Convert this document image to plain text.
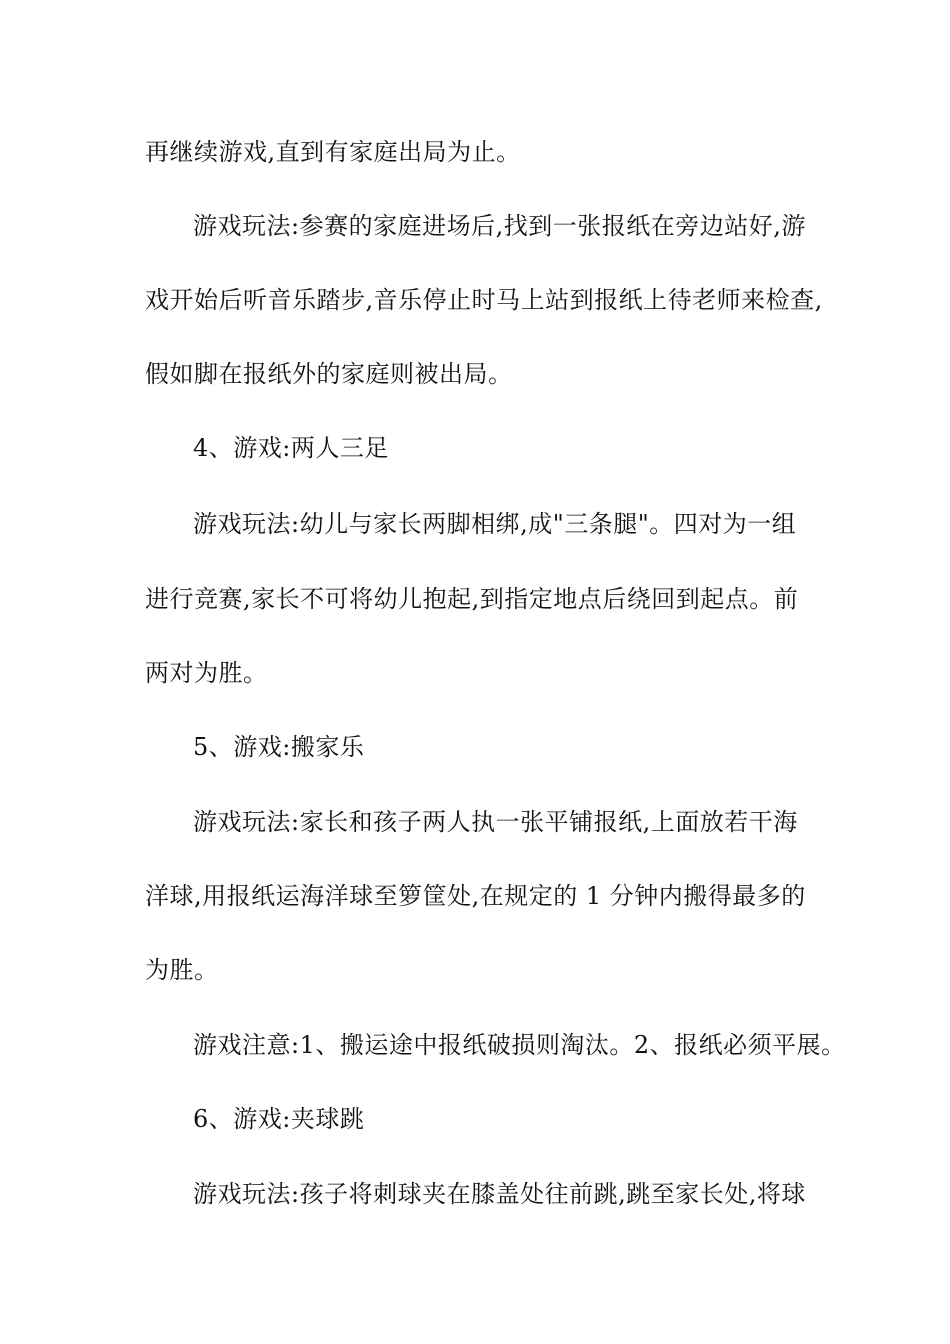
再继续游戏,直到有家庭出局为止。
游戏玩法:参赛的家庭进场后,找到一张报纸在旁边站好,游
戏开始后听音乐踏步,音乐停止时马上站到报纸上待老师来检查,
假如脚在报纸外的家庭则被出局。
4、游戏:两人三足
游戏玩法:幼儿与家长两脚相绑,成"三条腿"。四对为一组
进行竞赛,家长不可将幼儿抱起,到指定地点后绕回到起点。前
两对为胜。
5、游戏:搬家乐
游戏玩法:家长和孩子两人执一张平铺报纸,上面放若干海
洋球,用报纸运海洋球至箩筐处,在规定的 1 分钟内搬得最多的
为胜。
游戏注意:1、搬运途中报纸破损则淘汰。2、报纸必须平展。
6、游戏:夹球跳
游戏玩法:孩子将刺球夹在膝盖处往前跳,跳至家长处,将球
